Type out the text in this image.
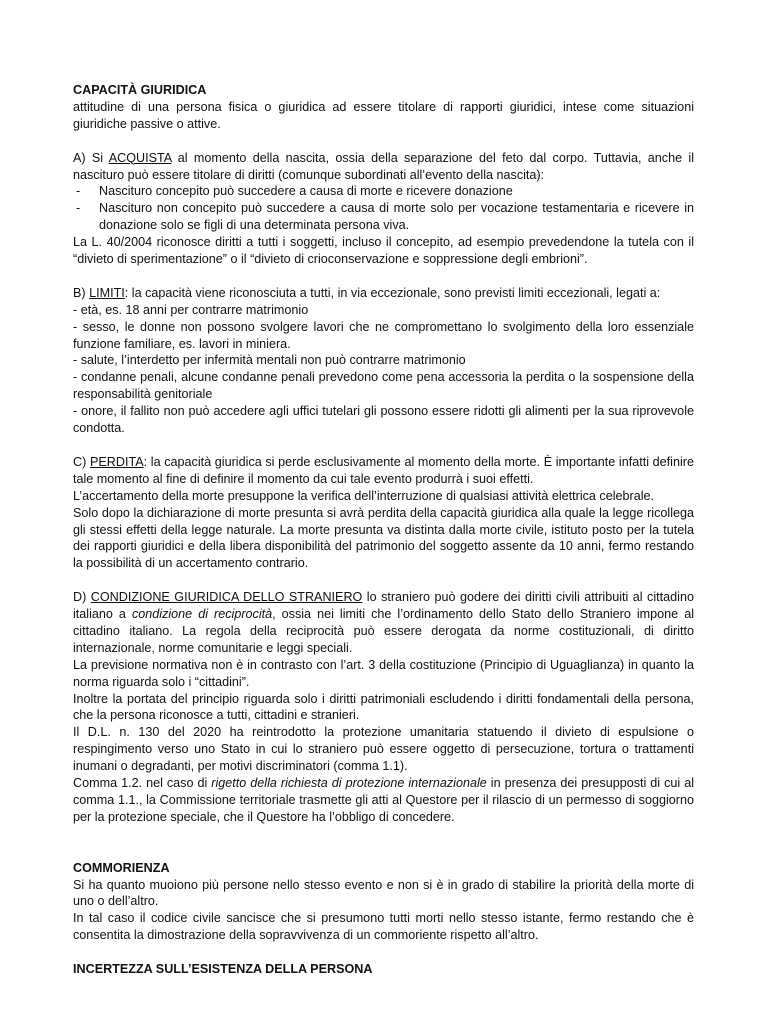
CAPACITÀ GIURIDICA

attitudine di una persona fisica o giuridica ad essere titolare di rapporti giuridici, intese come situazioni giuridiche passive o attive.

A) Si ACQUISTA al momento della nascita, ossia della separazione del feto dal corpo. Tuttavia, anche il nascituro può essere titolare di diritti (comunque subordinati all’evento della nascita):

- Nascituro concepito può succedere a causa di morte e ricevere donazione
- Nascituro non concepito può succedere a causa di morte solo per vocazione testamentaria e ricevere in donazione solo se figli di una determinata persona viva.

La L. 40/2004 riconosce diritti a tutti i soggetti, incluso il concepito, ad esempio prevedendone la tutela con il “divieto di sperimentazione” o il “divieto di crioconservazione e soppressione degli embrioni”.

B) LIMITI: la capacità viene riconosciuta a tutti, in via eccezionale, sono previsti limiti eccezionali, legati a:

- età, es. 18 anni per contrarre matrimonio

- sesso, le donne non possono svolgere lavori che ne compromettano lo svolgimento della loro essenziale funzione familiare, es. lavori in miniera.

- salute, l’interdetto per infermità mentali non può contrarre matrimonio

- condanne penali, alcune condanne penali prevedono come pena accessoria la perdita o la sospensione della responsabilità genitoriale

- onore, il fallito non può accedere agli uffici tutelari gli possono essere ridotti gli alimenti per la sua riprovevole condotta.

C) PERDITA: la capacità giuridica si perde esclusivamente al momento della morte. È importante infatti definire tale momento al fine di definire il momento da cui tale evento produrrà i suoi effetti.

L’accertamento della morte presuppone la verifica dell’interruzione di qualsiasi attività elettrica celebrale.

Solo dopo la dichiarazione di morte presunta si avrà perdita della capacità giuridica alla quale la legge ricollega gli stessi effetti della legge naturale. La morte presunta va distinta dalla morte civile, istituto posto per la tutela dei rapporti giuridici e della libera disponibilità del patrimonio del soggetto assente da 10 anni, fermo restando la possibilità di un accertamento contrario.

D) CONDIZIONE GIURIDICA DELLO STRANIERO lo straniero può godere dei diritti civili attribuiti al cittadino italiano a condizione di reciprocità, ossia nei limiti che l’ordinamento dello Stato dello Straniero impone al cittadino italiano. La regola della reciprocità può essere derogata da norme costituzionali, di diritto internazionale, norme comunitarie e leggi speciali.

La previsione normativa non è in contrasto con l’art. 3 della costituzione (Principio di Uguaglianza) in quanto la norma riguarda solo i “cittadini”.

Inoltre la portata del principio riguarda solo i diritti patrimoniali escludendo i diritti fondamentali della persona, che la persona riconosce a tutti, cittadini e stranieri.

Il D.L. n. 130 del 2020 ha reintrodotto la protezione umanitaria statuendo il divieto di espulsione o respingimento verso uno Stato in cui lo straniero può essere oggetto di persecuzione, tortura o trattamenti inumani o degradanti, per motivi discriminatori (comma 1.1).

Comma 1.2. nel caso di rigetto della richiesta di protezione internazionale in presenza dei presupposti di cui al comma 1.1., la Commissione territoriale trasmette gli atti al Questore per il rilascio di un permesso di soggiorno per la protezione speciale, che il Questore ha l’obbligo di concedere.

COMMORIENZA

Si ha quanto muoiono più persone nello stesso evento e non si è in grado di stabilire la priorità della morte di uno o dell’altro.

In tal caso il codice civile sancisce che si presumono tutti morti nello stesso istante, fermo restando che è consentita la dimostrazione della sopravvivenza di un commoriente rispetto all’altro.

INCERTEZZA SULL’ESISTENZA DELLA PERSONA
